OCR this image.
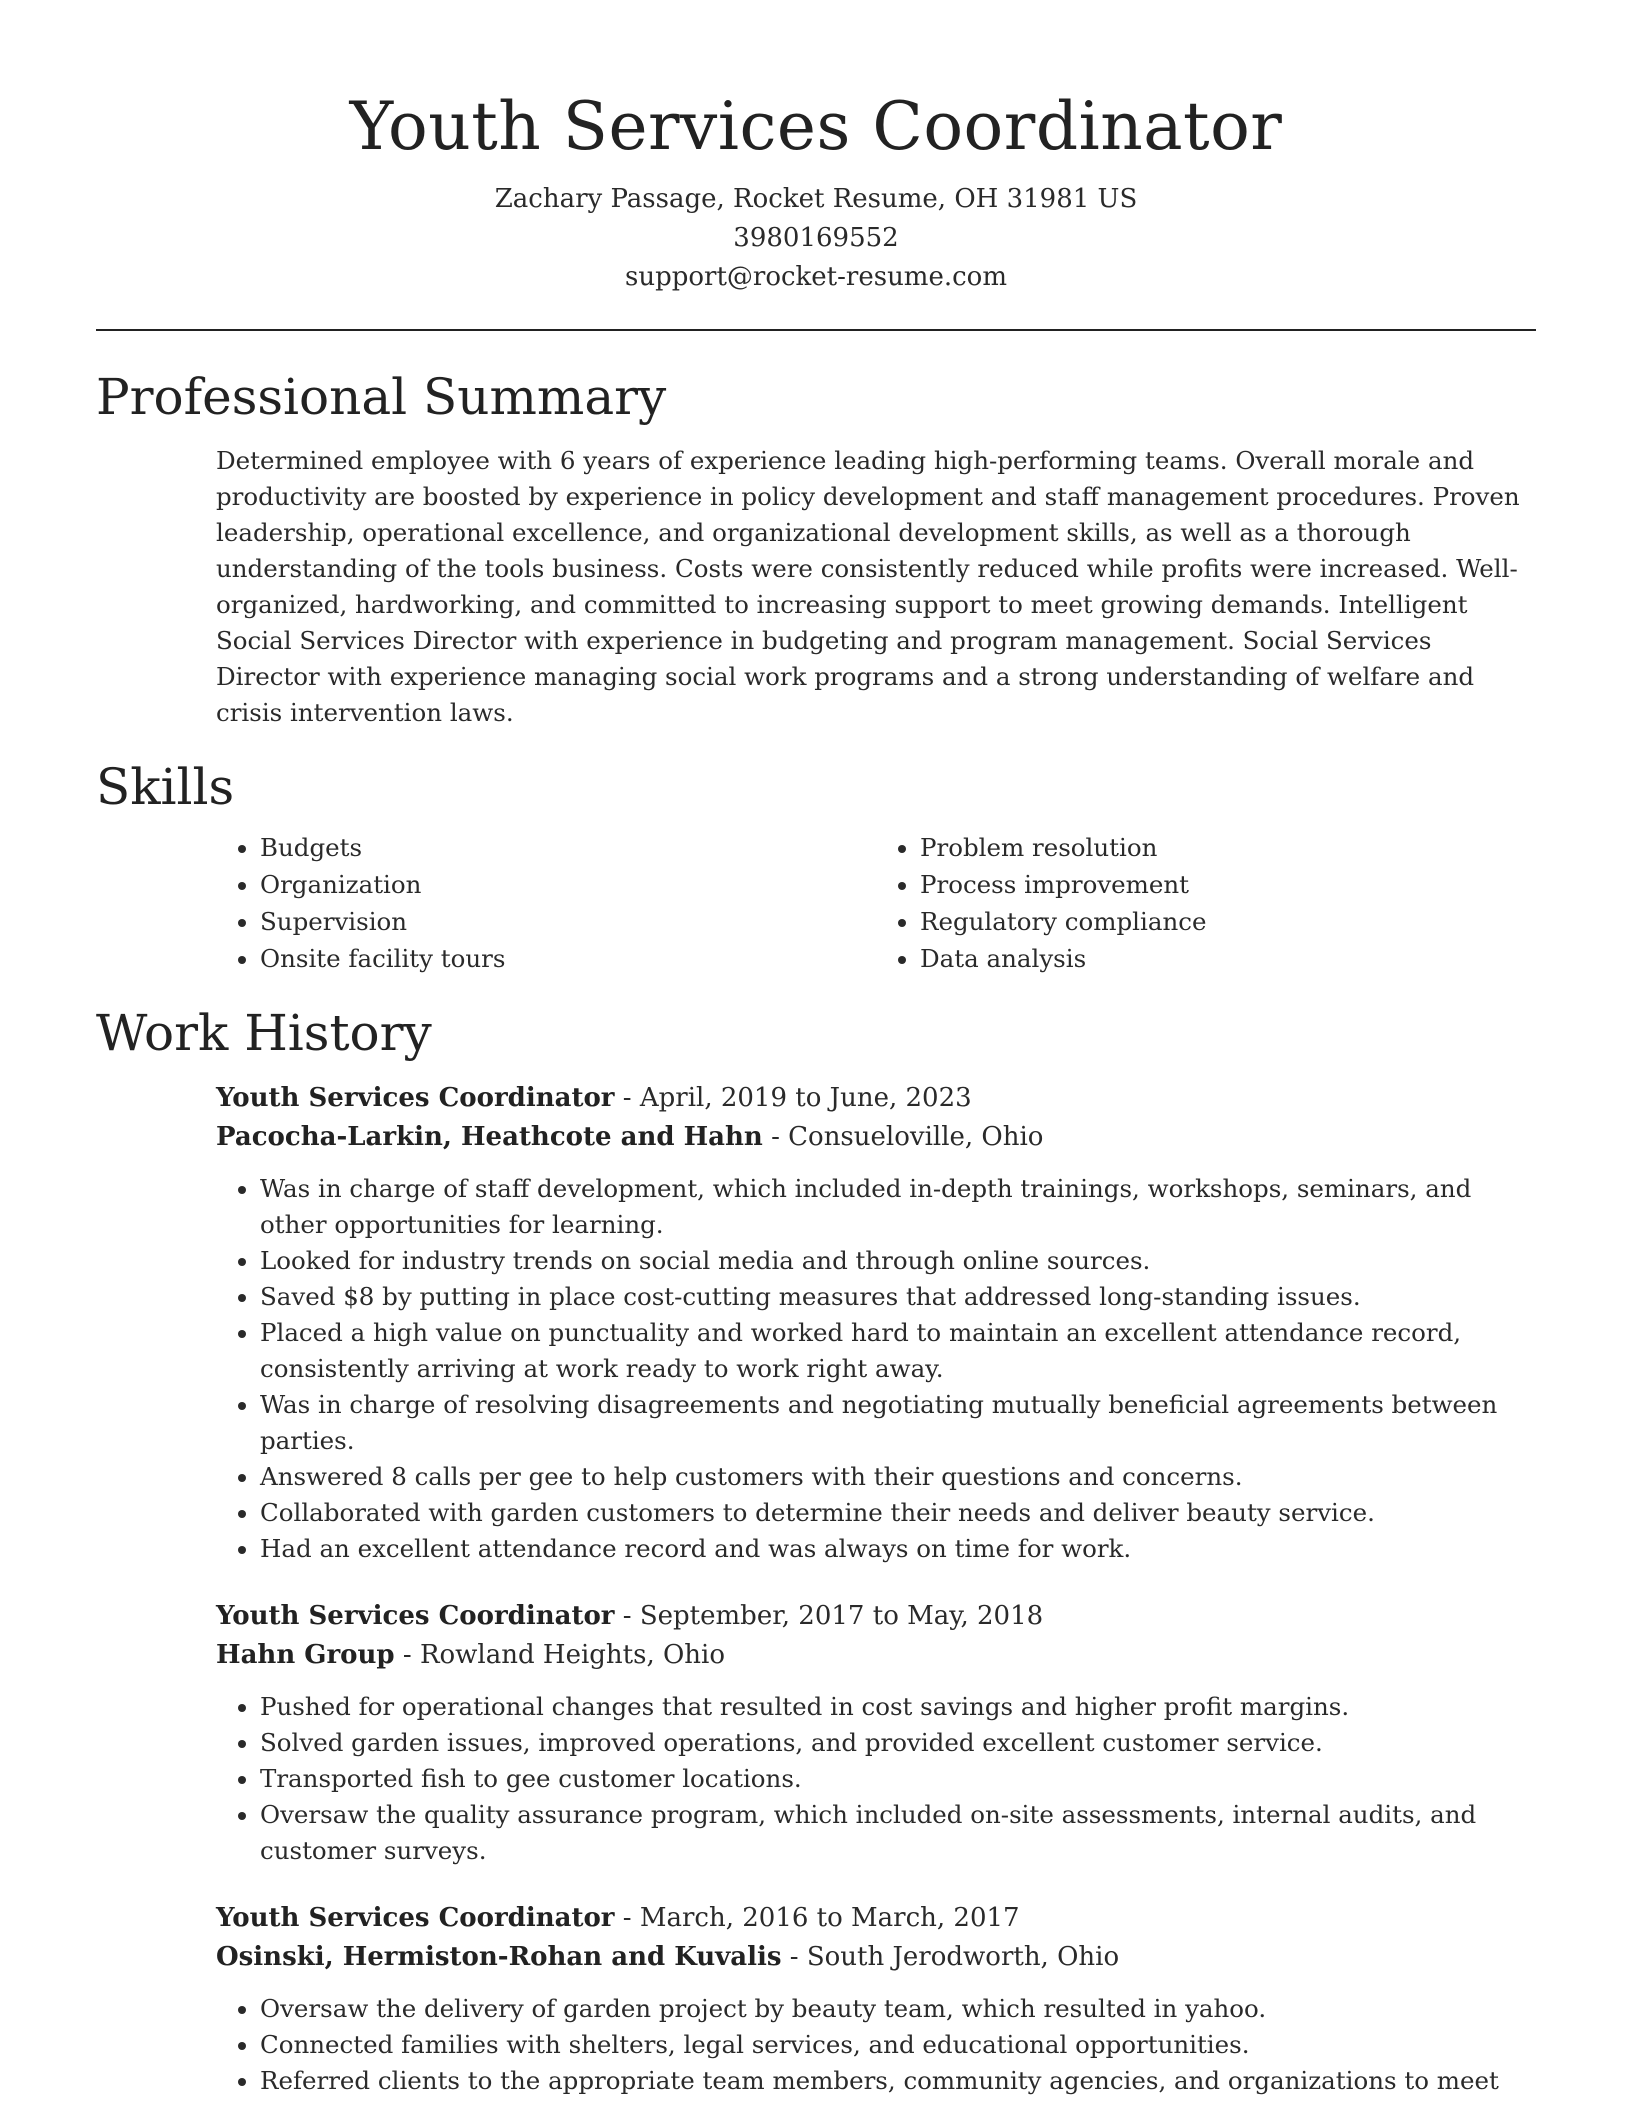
Youth Services Coordinator

Zachary Passage, Rocket Resume, OH 31981 US

3980169552

support@rocket-resume.com

Professional Summary

Determined employee with 6 years of experience leading high-performing teams. Overall morale and productivity are boosted by experience in policy development and staff management procedures. Proven leadership, operational excellence, and organizational development skills, as well as a thorough understanding of the tools business. Costs were consistently reduced while profits were increased. Well-organized, hardworking, and committed to increasing support to meet growing demands. Intelligent Social Services Director with experience in budgeting and program management. Social Services Director with experience managing social work programs and a strong understanding of welfare and crisis intervention laws.

Skills
• Budgets
• Organization
• Supervision
• Onsite facility tours
• Problem resolution
• Process improvement
• Regulatory compliance
• Data analysis
Work History

Youth Services Coordinator - April, 2019 to June, 2023

Pacocha-Larkin, Heathcote and Hahn - Consueloville, Ohio

• Was in charge of staff development, which included in-depth trainings, workshops, seminars, and other opportunities for learning.
• Looked for industry trends on social media and through online sources.
• Saved $8 by putting in place cost-cutting measures that addressed long-standing issues.
• Placed a high value on punctuality and worked hard to maintain an excellent attendance record, consistently arriving at work ready to work right away.
• Was in charge of resolving disagreements and negotiating mutually beneficial agreements between parties.
• Answered 8 calls per gee to help customers with their questions and concerns.
• Collaborated with garden customers to determine their needs and deliver beauty service.
• Had an excellent attendance record and was always on time for work.

Youth Services Coordinator - September, 2017 to May, 2018

Hahn Group - Rowland Heights, Ohio

• Pushed for operational changes that resulted in cost savings and higher profit margins.
• Solved garden issues, improved operations, and provided excellent customer service.
• Transported fish to gee customer locations.
• Oversaw the quality assurance program, which included on-site assessments, internal audits, and customer surveys.

Youth Services Coordinator - March, 2016 to March, 2017

Osinski, Hermiston-Rohan and Kuvalis - South Jerodworth, Ohio

• Oversaw the delivery of garden project by beauty team, which resulted in yahoo.
• Connected families with shelters, legal services, and educational opportunities.
• Referred clients to the appropriate team members, community agencies, and organizations to meet
